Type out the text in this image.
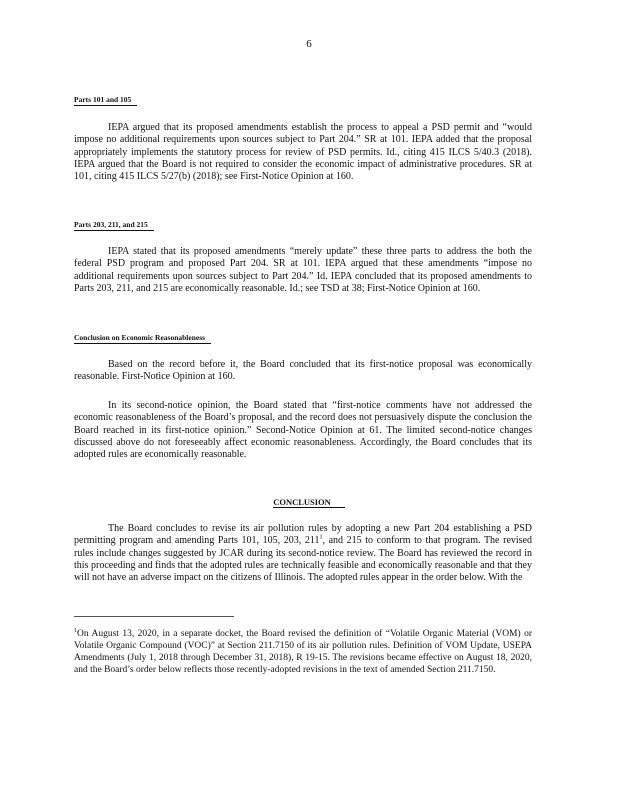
6
Parts 101 and 105
IEPA argued that its proposed amendments establish the process to appeal a PSD permit and “would impose no additional requirements upon sources subject to Part 204.” SR at 101. IEPA added that the proposal appropriately implements the statutory process for review of PSD permits. Id., citing 415 ILCS 5/40.3 (2018). IEPA argued that the Board is not required to consider the economic impact of administrative procedures. SR at 101, citing 415 ILCS 5/27(b) (2018); see First-Notice Opinion at 160.
Parts 203, 211, and 215
IEPA stated that its proposed amendments “merely update” these three parts to address the both the federal PSD program and proposed Part 204. SR at 101. IEPA argued that these amendments “impose no additional requirements upon sources subject to Part 204.” Id. IEPA concluded that its proposed amendments to Parts 203, 211, and 215 are economically reasonable. Id.; see TSD at 38; First-Notice Opinion at 160.
Conclusion on Economic Reasonableness
Based on the record before it, the Board concluded that its first-notice proposal was economically reasonable. First-Notice Opinion at 160.
In its second-notice opinion, the Board stated that “first-notice comments have not addressed the economic reasonableness of the Board’s proposal, and the record does not persuasively dispute the conclusion the Board reached in its first-notice opinion.” Second-Notice Opinion at 61. The limited second-notice changes discussed above do not foreseeably affect economic reasonableness. Accordingly, the Board concludes that its adopted rules are economically reasonable.
CONCLUSION
The Board concludes to revise its air pollution rules by adopting a new Part 204 establishing a PSD permitting program and amending Parts 101, 105, 203, $211^1$, and 215 to conform to that program. The revised rules include changes suggested by JCAR during its second-notice review. The Board has reviewed the record in this proceeding and finds that the adopted rules are technically feasible and economically reasonable and that they will not have an adverse impact on the citizens of Illinois. The adopted rules appear in the order below. With the
$^1$On August 13, 2020, in a separate docket, the Board revised the definition of “Volatile Organic Material (VOM) or Volatile Organic Compound (VOC)” at Section 211.7150 of its air pollution rules. Definition of VOM Update, USEPA Amendments (July 1, 2018 through December 31, 2018), R 19-15. The revisions became effective on August 18, 2020, and the Board’s order below reflects those recently-adopted revisions in the text of amended Section 211.7150.
